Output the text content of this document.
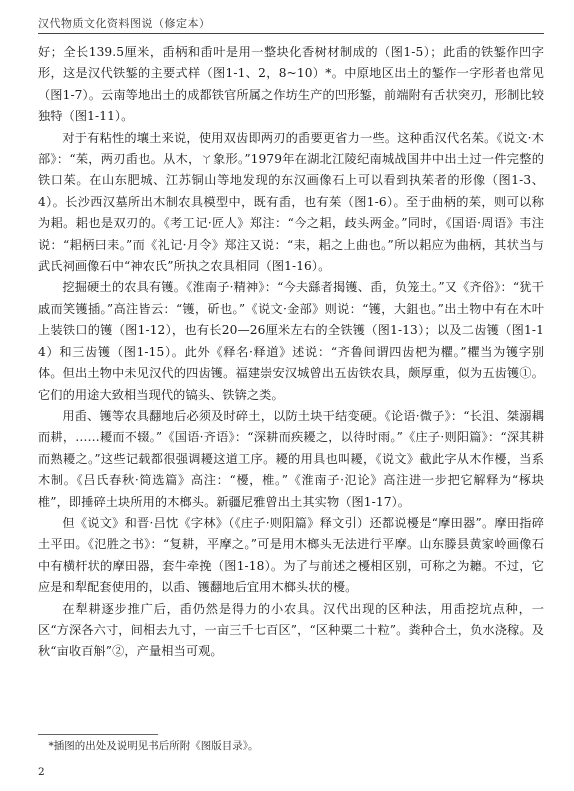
汉代物质文化资料图说（修定本）

好；全长139.5厘米，臿柄和臿叶是用一整块化香树材制成的（图1-5）；此臿的铁錾作凹字形，这是汉代铁錾的主要式样（图1-1、2，8~10）*。中原地区出土的錾作一字形者也常见（图1-7）。云南等地出土的成都铁官所属之作坊生产的凹形錾，前端附有舌状突刃，形制比较独特（图1-11）。

对于有粘性的壤土来说，使用双齿即两刃的臿要更省力一些。这种臿汉代名茱。《说文·木部》：“茱，两刃臿也。从木，ㄚ象形。”1979年在湖北江陵纪南城战国井中出土过一件完整的铁口茱。在山东肥城、江苏铜山等地发现的东汉画像石上可以看到执茱者的形像（图1-3、4）。长沙西汉墓所出木制农具模型中，既有臿，也有茱（图1-6）。至于曲柄的茱，则可以称为耜。耜也是双刃的。《考工记·匠人》郑注：“今之耜，歧头两金。”同时，《国语·周语》韦注说：“耜柄曰耒。”而《礼记·月令》郑注又说：“耒，耜之上曲也。”所以耜应为曲柄，其状当与武氏祠画像石中“神农氏”所执之农具相同（图1-16）。

挖掘硬土的农具有镬。《淮南子·精神》：“今夫繇者揭镬、臿，负笼土。”又《齐俗》：“犹干戚而笑镬插。”高注皆云：“镬，斫也。”《说文·金部》则说：“镬，大鉏也。”出土物中有在木叶上装铁口的镬（图1-12），也有长20—26厘米左右的全铁镬（图1-13）；以及二齿镬（图1-14）和三齿镬（图1-15）。此外《释名·释道》述说：“齐鲁间谓四齿杷为欋。”欋当为镬字别体。但出土物中未见汉代的四齿镬。福建崇安汉城曾出五齿铁农具，颇厚重，似为五齿镬①。它们的用途大致相当现代的镐头、铁锛之类。

用臿、镬等农具翻地后必须及时碎土，以防土块干结变硬。《论语·微子》：“长沮、桀溺耦而耕，……耰而不辍。”《国语·齐语》：“深耕而疾耰之，以待时雨。”《庄子·则阳篇》：“深其耕而熟耰之。”这些记载都很强调耰这道工序。耰的用具也叫耰，《说文》截此字从木作櫌，当系木制。《吕氏春秋·简选篇》高注：“櫌，椎。”《淮南子·氾论》高注进一步把它解释为“椓块椎”，即捶碎土块所用的木榔头。新疆尼雅曾出土其实物（图1-17）。

但《说文》和晋·吕忱《字林》（《庄子·则阳篇》释文引）还都说櫌是“摩田器”。摩田指碎土平田。《氾胜之书》：“复耕，平摩之。”可是用木榔头无法进行平摩。山东滕县黄家岭画像石中有横杆状的摩田器，套牛牵挽（图1-18）。为了与前述之櫌相区别，可称之为耱。不过，它应是和犁配套使用的，以臿、镬翻地后宜用木榔头状的櫌。

在犁耕逐步推广后，臿仍然是得力的小农具。汉代出现的区种法，用臿挖坑点种，一区“方深各六寸，间相去九寸，一亩三千七百区”，“区种粟二十粒”。粪种合土，负水浇稼。及秋“亩收百斛”②，产量相当可观。

*插图的出处及说明见书后所附《图版目录》。
2
